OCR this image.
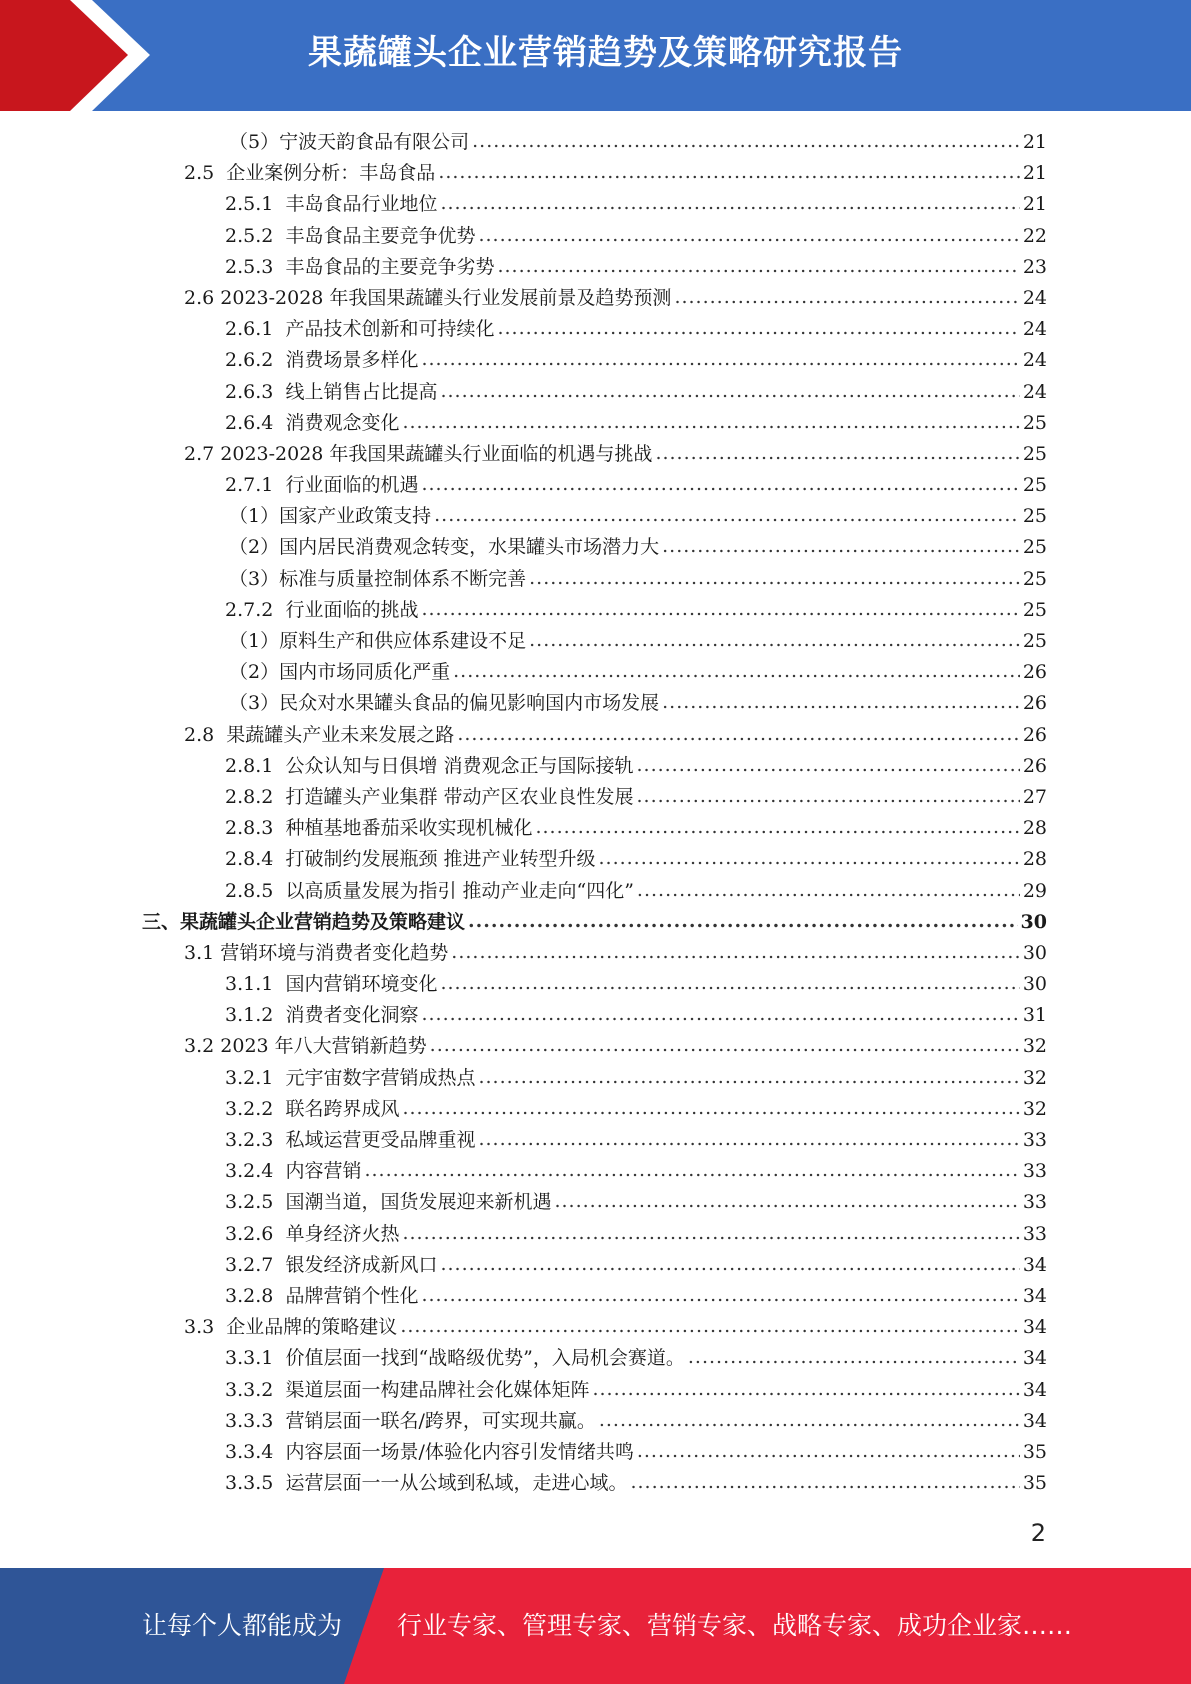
果蔬罐头企业营销趋势及策略研究报告
（5） 宁波天韵食品有限公司 .....	21
2.5 企业案例分析：丰岛食品 .....	21
2.5.1 丰岛食品行业地位 .....	21
2.5.2 丰岛食品主要竞争优势 .....	22
2.5.3 丰岛食品的主要竞争劣势 .....	23
2.6 2023-2028 年我国果蔬罐头行业发展前景及趋势预测 .....	24
2.6.1 产品技术创新和可持续化 .....	24
2.6.2 消费场景多样化 .....	24
2.6.3 线上销售占比提高 .....	24
2.6.4 消费观念变化 .....	25
2.7 2023-2028 年我国果蔬罐头行业面临的机遇与挑战 .....	25
2.7.1 行业面临的机遇 .....	25
（1） 国家产业政策支持 .....	25
（2） 国内居民消费观念转变，水果罐头市场潜力大 .....	25
（3） 标准与质量控制体系不断完善 .....	25
2.7.2 行业面临的挑战 .....	25
（1） 原料生产和供应体系建设不足 .....	25
（2） 国内市场同质化严重 .....	26
（3） 民众对水果罐头食品的偏见影响国内市场发展 .....	26
2.8 果蔬罐头产业未来发展之路 .....	26
2.8.1 公众认知与日俱增 消费观念正与国际接轨 .....	26
2.8.2 打造罐头产业集群 带动产区农业良性发展 .....	27
2.8.3 种植基地番茄采收实现机械化 .....	28
2.8.4 打破制约发展瓶颈 推进产业转型升级 .....	28
2.8.5 以高质量发展为指引 推动产业走向“四化” .....	29
三、 果蔬罐头企业营销趋势及策略建议 .....	30
3.1 营销环境与消费者变化趋势 .....	30
3.1.1 国内营销环境变化 .....	30
3.1.2 消费者变化洞察 .....	31
3.2 2023 年八大营销新趋势 .....	32
3.2.1 元宇宙数字营销成热点 .....	32
3.2.2 联名跨界成风 .....	32
3.2.3 私域运营更受品牌重视 .....	33
3.2.4 内容营销 .....	33
3.2.5 国潮当道，国货发展迎来新机遇 .....	33
3.2.6 单身经济火热 .....	33
3.2.7 银发经济成新风口 .....	34
3.2.8 品牌营销个性化 .....	34
3.3 企业品牌的策略建议 .....	34
3.3.1 价值层面一找到“战略级优势”，入局机会赛道。 .....	34
3.3.2 渠道层面一构建品牌社会化媒体矩阵 .....	34
3.3.3 营销层面一联名/跨界，可实现共赢。 .....	34
3.3.4 内容层面一场景/体验化内容引发情绪共鸣 .....	35
3.3.5 运营层面一一从公域到私域，走进心域。 .....	35
2
让每个人都能成为 行业专家、管理专家、营销专家、战略专家、成功企业家……
